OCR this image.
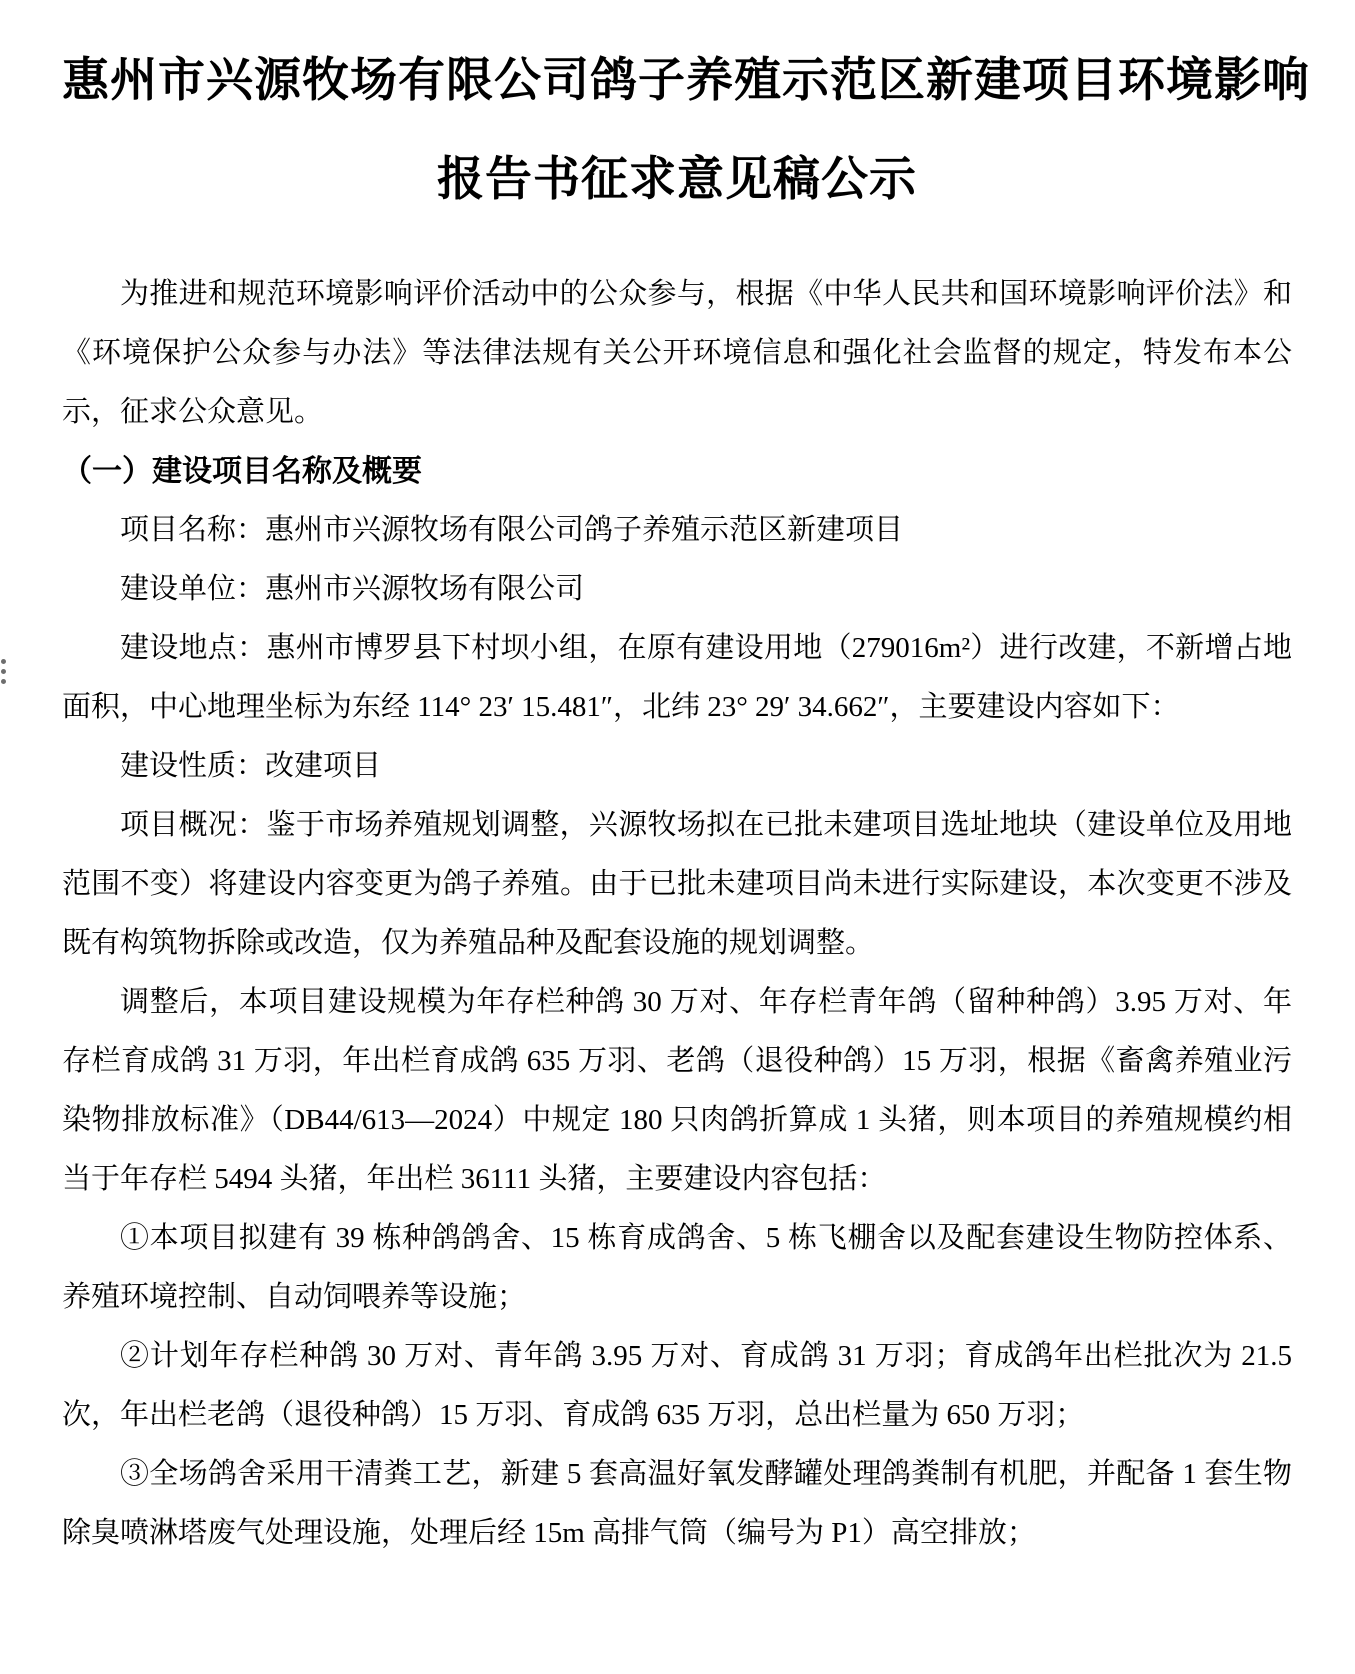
惠州市兴源牧场有限公司鸽子养殖示范区新建项目环境影响
报告书征求意见稿公示

为推进和规范环境影响评价活动中的公众参与，根据《中华人民共和国环境影响评价法》和《环境保护公众参与办法》等法律法规有关公开环境信息和强化社会监督的规定，特发布本公示，征求公众意见。

（一）建设项目名称及概要

项目名称：惠州市兴源牧场有限公司鸽子养殖示范区新建项目

建设单位：惠州市兴源牧场有限公司

建设地点：惠州市博罗县下村坝小组，在原有建设用地（279016m²）进行改建，不新增占地面积，中心地理坐标为东经 114° 23′ 15.481″，北纬 23° 29′ 34.662″，主要建设内容如下：

建设性质：改建项目

项目概况：鉴于市场养殖规划调整，兴源牧场拟在已批未建项目选址地块（建设单位及用地范围不变）将建设内容变更为鸽子养殖。由于已批未建项目尚未进行实际建设，本次变更不涉及既有构筑物拆除或改造，仅为养殖品种及配套设施的规划调整。

调整后，本项目建设规模为年存栏种鸽 30 万对、年存栏青年鸽（留种种鸽）3.95 万对、年存栏育成鸽 31 万羽，年出栏育成鸽 635 万羽、老鸽（退役种鸽）15 万羽，根据《畜禽养殖业污染物排放标准》（DB44/613—2024）中规定 180 只肉鸽折算成 1 头猪，则本项目的养殖规模约相当于年存栏 5494 头猪，年出栏 36111 头猪，主要建设内容包括：

①本项目拟建有 39 栋种鸽鸽舍、15 栋育成鸽舍、5 栋飞棚舍以及配套建设生物防控体系、养殖环境控制、自动饲喂养等设施；

②计划年存栏种鸽 30 万对、青年鸽 3.95 万对、育成鸽 31 万羽；育成鸽年出栏批次为 21.5 次，年出栏老鸽（退役种鸽）15 万羽、育成鸽 635 万羽，总出栏量为 650 万羽；

③全场鸽舍采用干清粪工艺，新建 5 套高温好氧发酵罐处理鸽粪制有机肥，并配备 1 套生物除臭喷淋塔废气处理设施，处理后经 15m 高排气筒（编号为 P1）高空排放；
